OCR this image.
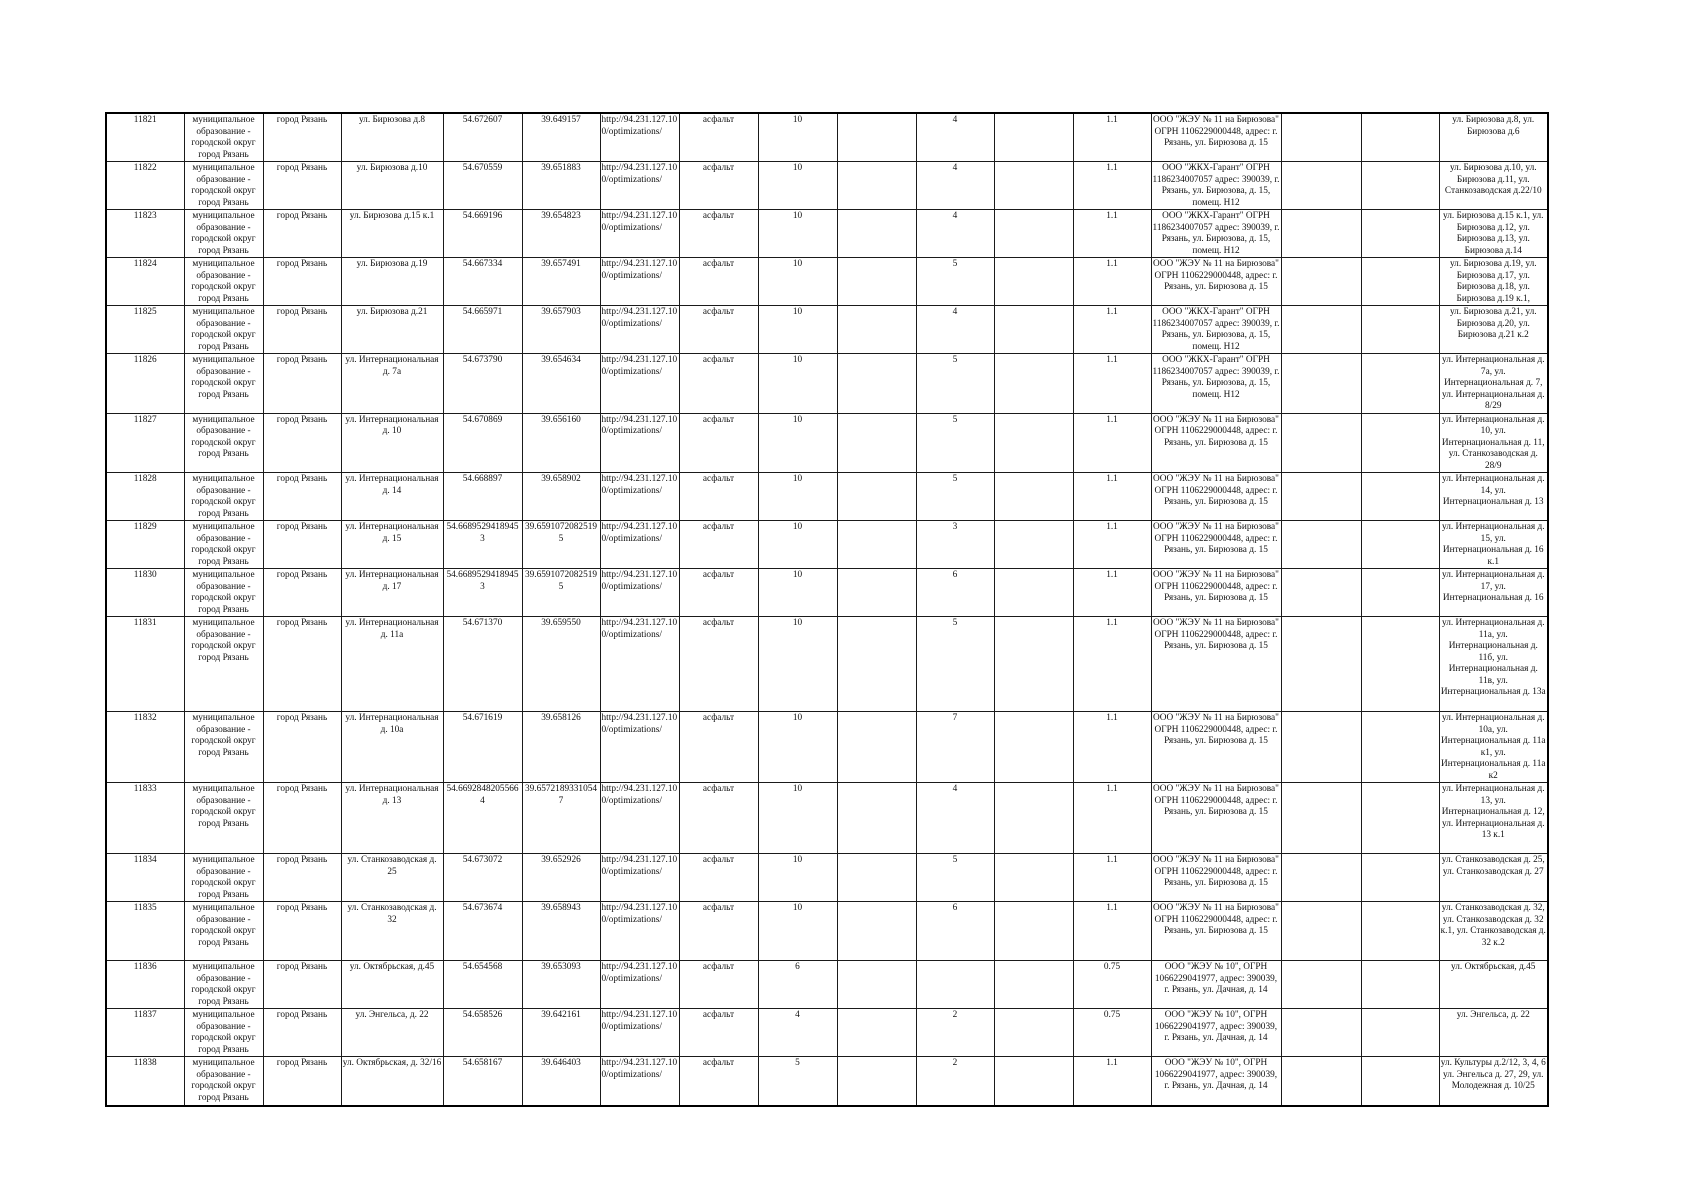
11821	муниципальное образование - городской округ город Рязань	город Рязань	ул. Бирюзова д.8	54.672607	39.649157	http://94.231.127.100/optimizations/	асфальт	10		4		1.1	ООО "ЖЭУ № 11 на Бирюзова" ОГРН 1106229000448, адрес: г. Рязань, ул. Бирюзова д. 15			ул. Бирюзова д.8, ул. Бирюзова д.6
11822	муниципальное образование - городской округ город Рязань	город Рязань	ул. Бирюзова д.10	54.670559	39.651883	http://94.231.127.100/optimizations/	асфальт	10		4		1.1	ООО "ЖКХ-Гарант" ОГРН 1186234007057 адрес: 390039, г. Рязань, ул. Бирюзова, д. 15, помещ. Н12			ул. Бирюзова д.10, ул. Бирюзова д.11, ул. Станкозаводская д.22/10
11823	муниципальное образование - городской округ город Рязань	город Рязань	ул. Бирюзова д.15 к.1	54.669196	39.654823	http://94.231.127.100/optimizations/	асфальт	10		4		1.1	ООО "ЖКХ-Гарант" ОГРН 1186234007057 адрес: 390039, г. Рязань, ул. Бирюзова, д. 15, помещ. Н12			ул. Бирюзова д.15 к.1, ул. Бирюзова д.12, ул. Бирюзова д.13, ул. Бирюзова д.14
11824	муниципальное образование - городской округ город Рязань	город Рязань	ул. Бирюзова д.19	54.667334	39.657491	http://94.231.127.100/optimizations/	асфальт	10		5		1.1	ООО "ЖЭУ № 11 на Бирюзова" ОГРН 1106229000448, адрес: г. Рязань, ул. Бирюзова д. 15			ул. Бирюзова д.19, ул. Бирюзова д.17, ул. Бирюзова д.18, ул. Бирюзова д.19 к.1,
11825	муниципальное образование - городской округ город Рязань	город Рязань	ул. Бирюзова д.21	54.665971	39.657903	http://94.231.127.100/optimizations/	асфальт	10		4		1.1	ООО "ЖКХ-Гарант" ОГРН 1186234007057 адрес: 390039, г. Рязань, ул. Бирюзова, д. 15, помещ. Н12			ул. Бирюзова д.21, ул. Бирюзова д.20, ул. Бирюзова д.21 к.2
11826	муниципальное образование - городской округ город Рязань	город Рязань	ул. Интернациональная д. 7а	54.673790	39.654634	http://94.231.127.100/optimizations/	асфальт	10		5		1.1	ООО "ЖКХ-Гарант" ОГРН 1186234007057 адрес: 390039, г. Рязань, ул. Бирюзова, д. 15, помещ. Н12			ул. Интернациональная д. 7а, ул. Интернациональная д. 7, ул. Интернациональная д. 8/29
11827	муниципальное образование - городской округ город Рязань	город Рязань	ул. Интернациональная д. 10	54.670869	39.656160	http://94.231.127.100/optimizations/	асфальт	10		5		1.1	ООО "ЖЭУ № 11 на Бирюзова" ОГРН 1106229000448, адрес: г. Рязань, ул. Бирюзова д. 15			ул. Интернациональная д. 10, ул. Интернациональная д. 11, ул. Станкозаводская д. 28/9
11828	муниципальное образование - городской округ город Рязань	город Рязань	ул. Интернациональная д. 14	54.668897	39.658902	http://94.231.127.100/optimizations/	асфальт	10		5		1.1	ООО "ЖЭУ № 11 на Бирюзова" ОГРН 1106229000448, адрес: г. Рязань, ул. Бирюзова д. 15			ул. Интернациональная д. 14, ул. Интернациональная д. 13
11829	муниципальное образование - городской округ город Рязань	город Рязань	ул. Интернациональная д. 15	54.66895294189453	39.65910720825195	http://94.231.127.100/optimizations/	асфальт	10		3		1.1	ООО "ЖЭУ № 11 на Бирюзова" ОГРН 1106229000448, адрес: г. Рязань, ул. Бирюзова д. 15			ул. Интернациональная д. 15, ул. Интернациональная д. 16 к.1
11830	муниципальное образование - городской округ город Рязань	город Рязань	ул. Интернациональная д. 17	54.66895294189453	39.65910720825195	http://94.231.127.100/optimizations/	асфальт	10		6		1.1	ООО "ЖЭУ № 11 на Бирюзова" ОГРН 1106229000448, адрес: г. Рязань, ул. Бирюзова д. 15			ул. Интернациональная д. 17, ул. Интернациональная д. 16
11831	муниципальное образование - городской округ город Рязань	город Рязань	ул. Интернациональная д. 11а	54.671370	39.659550	http://94.231.127.100/optimizations/	асфальт	10		5		1.1	ООО "ЖЭУ № 11 на Бирюзова" ОГРН 1106229000448, адрес: г. Рязань, ул. Бирюзова д. 15			ул. Интернациональная д. 11а, ул. Интернациональная д. 11б, ул. Интернациональная д. 11в, ул. Интернациональная д. 13а
11832	муниципальное образование - городской округ город Рязань	город Рязань	ул. Интернациональная д. 10а	54.671619	39.658126	http://94.231.127.100/optimizations/	асфальт	10		7		1.1	ООО "ЖЭУ № 11 на Бирюзова" ОГРН 1106229000448, адрес: г. Рязань, ул. Бирюзова д. 15			ул. Интернациональная д. 10а, ул. Интернациональная д. 11а к1, ул. Интернациональная д. 11а к2
11833	муниципальное образование - городской округ город Рязань	город Рязань	ул. Интернациональная д. 13	54.66928482055664	39.65721893310547	http://94.231.127.100/optimizations/	асфальт	10		4		1.1	ООО "ЖЭУ № 11 на Бирюзова" ОГРН 1106229000448, адрес: г. Рязань, ул. Бирюзова д. 15			ул. Интернациональная д. 13, ул. Интернациональная д. 12, ул. Интернациональная д. 13 к.1
11834	муниципальное образование - городской округ город Рязань	город Рязань	ул. Станкозаводская д. 25	54.673072	39.652926	http://94.231.127.100/optimizations/	асфальт	10		5		1.1	ООО "ЖЭУ № 11 на Бирюзова" ОГРН 1106229000448, адрес: г. Рязань, ул. Бирюзова д. 15			ул. Станкозаводская д. 25, ул. Станкозаводская д. 27
11835	муниципальное образование - городской округ город Рязань	город Рязань	ул. Станкозаводская д. 32	54.673674	39.658943	http://94.231.127.100/optimizations/	асфальт	10		6		1.1	ООО "ЖЭУ № 11 на Бирюзова" ОГРН 1106229000448, адрес: г. Рязань, ул. Бирюзова д. 15			ул. Станкозаводская д. 32, ул. Станкозаводская д. 32 к.1, ул. Станкозаводская д. 32 к.2
11836	муниципальное образование - городской округ город Рязань	город Рязань	ул. Октябрьская, д.45	54.654568	39.653093	http://94.231.127.100/optimizations/	асфальт	6				0.75	ООО "ЖЭУ № 10", ОГРН 1066229041977, адрес: 390039, г. Рязань, ул. Дачная, д. 14			ул. Октябрьская, д.45
11837	муниципальное образование - городской округ город Рязань	город Рязань	ул. Энгельса, д. 22	54.658526	39.642161	http://94.231.127.100/optimizations/	асфальт	4		2		0.75	ООО "ЖЭУ № 10", ОГРН 1066229041977, адрес: 390039, г. Рязань, ул. Дачная, д. 14			ул. Энгельса, д. 22
11838	муниципальное образование - городской округ город Рязань	город Рязань	ул. Октябрьская, д. 32/16	54.658167	39.646403	http://94.231.127.100/optimizations/	асфальт	5		2		1.1	ООО "ЖЭУ № 10", ОГРН 1066229041977, адрес: 390039, г. Рязань, ул. Дачная, д. 14			ул. Культуры д.2/12, 3, 4, 6 ул. Энгельса д. 27, 29, ул. Молодежная д. 10/25
